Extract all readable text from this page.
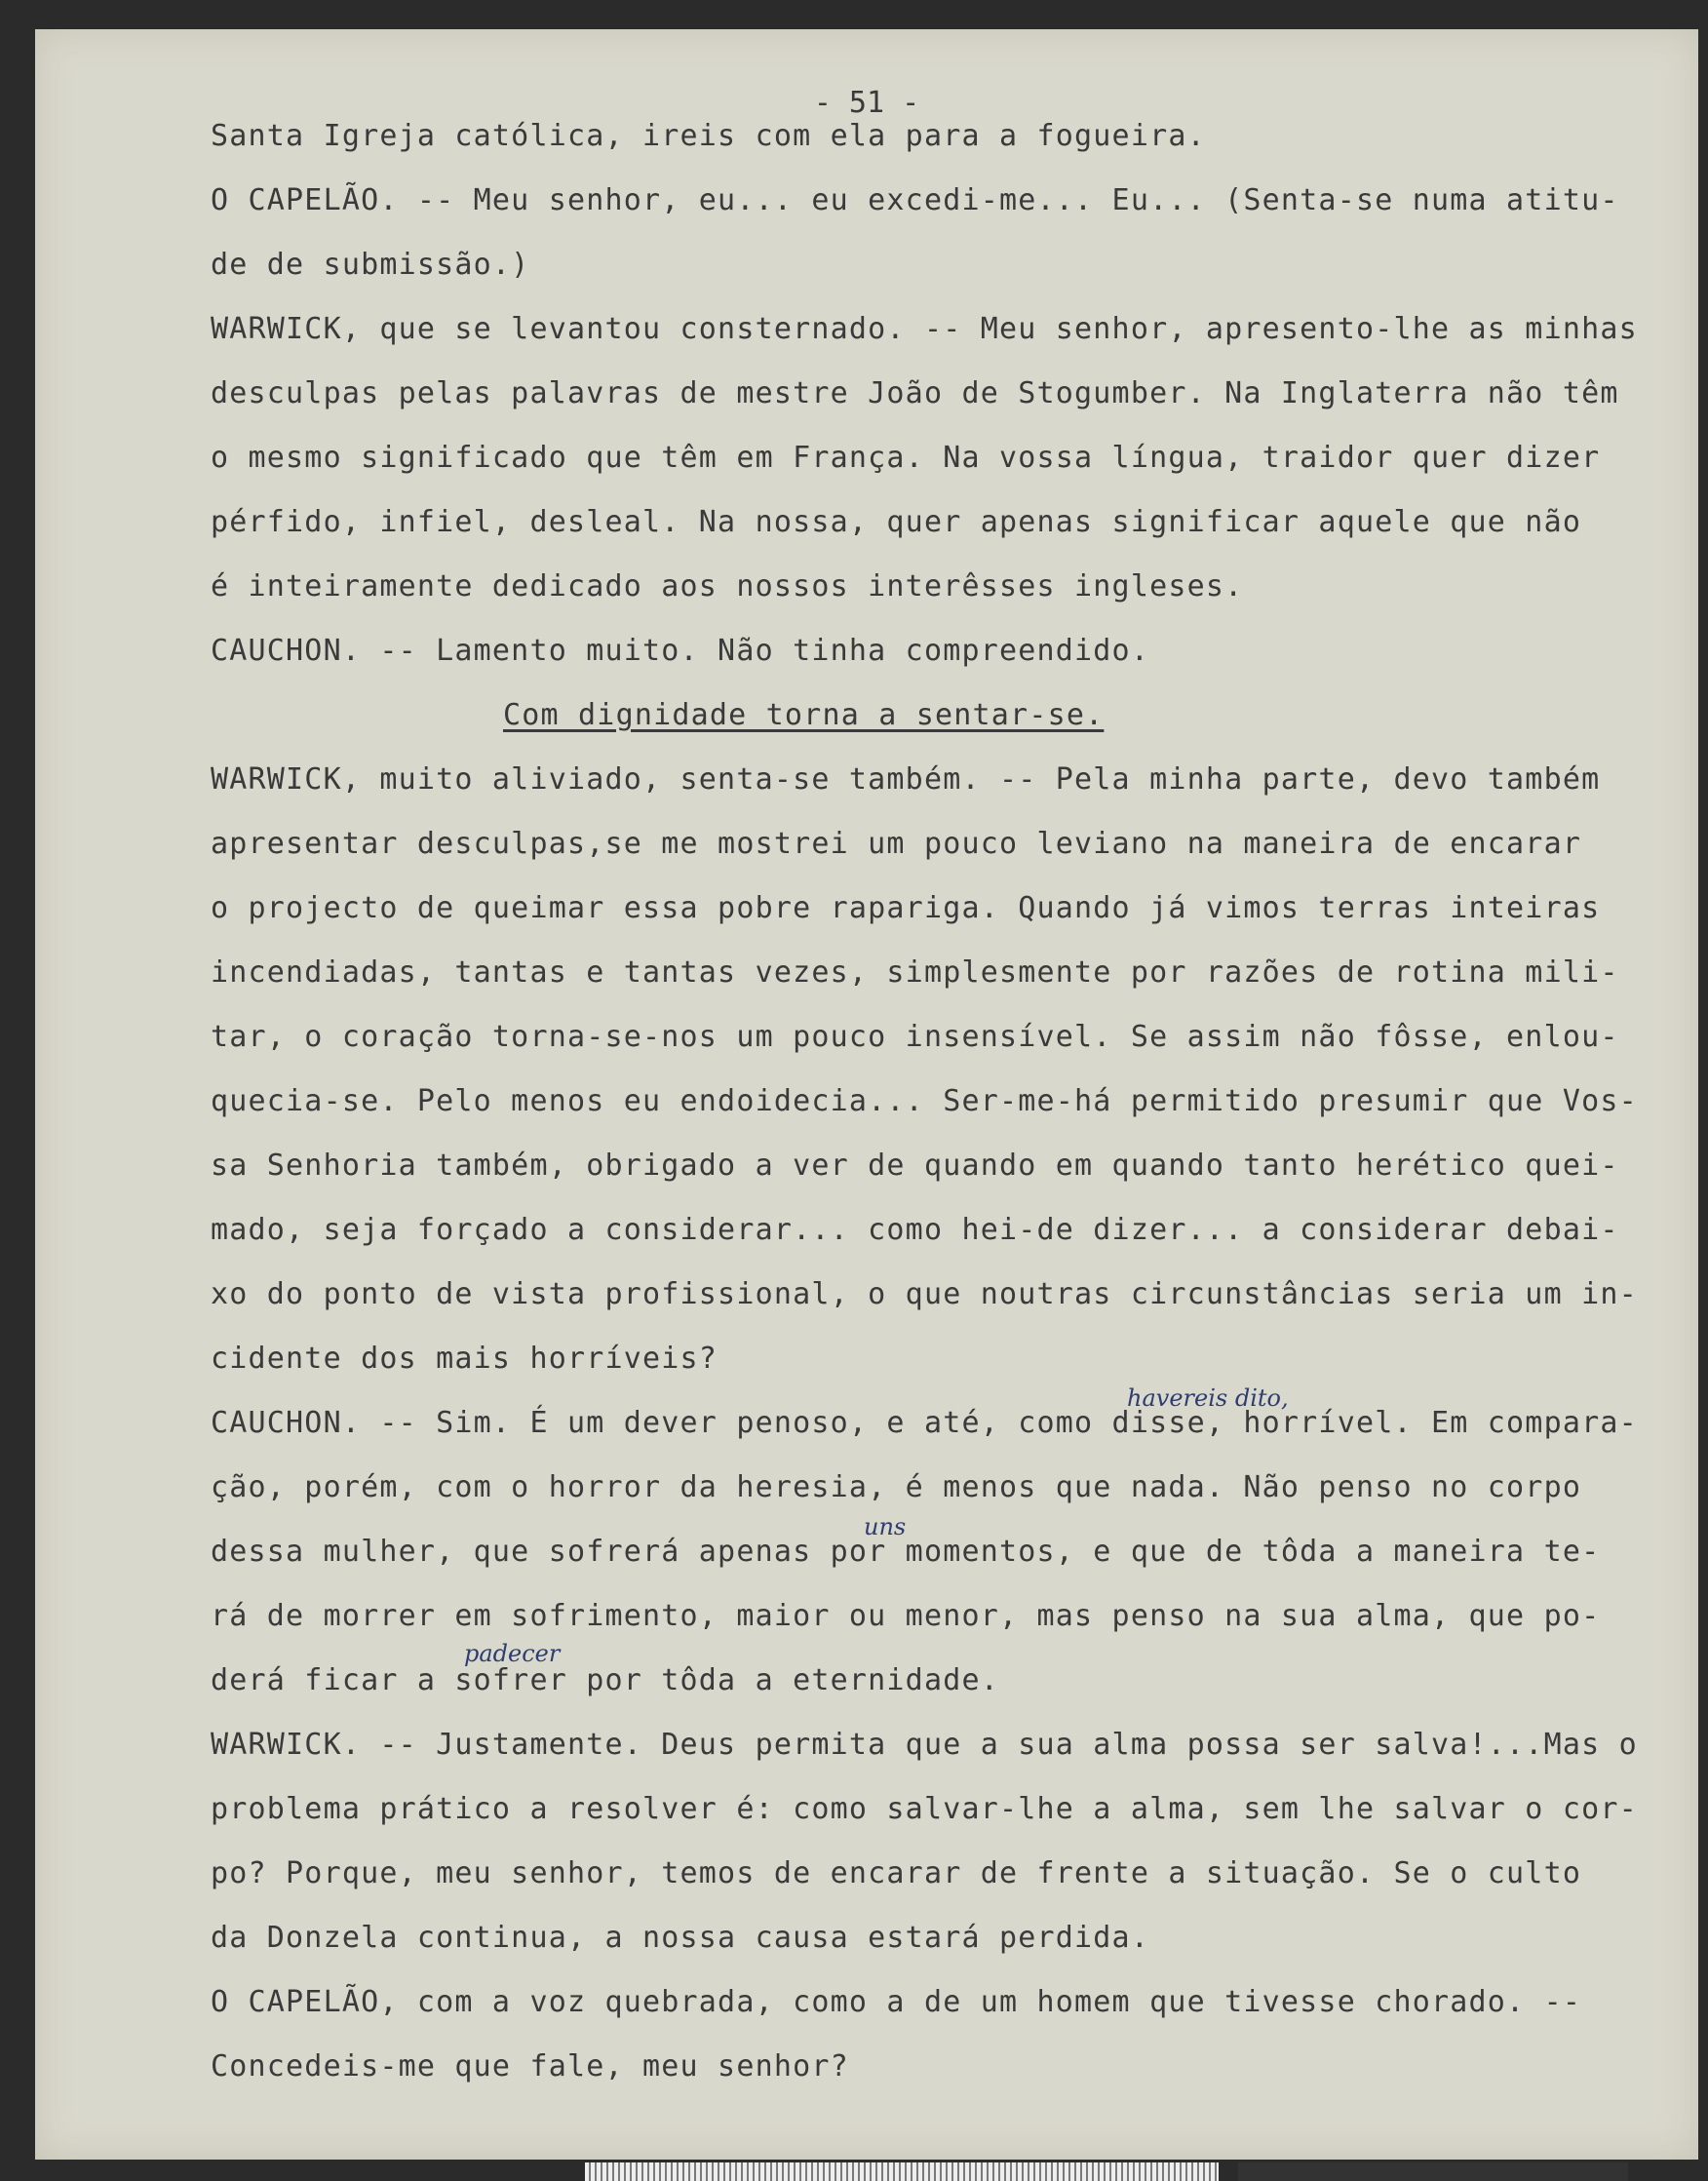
- 51 -

Santa Igreja católica, ireis com ela para a fogueira.

O CAPELÃO. -- Meu senhor, eu... eu excedi-me... Eu... (Senta-se numa atitu-

de de submissão.)

WARWICK, que se levantou consternado. -- Meu senhor, apresento-lhe as minhas

desculpas pelas palavras de mestre João de Stogumber. Na Inglaterra não têm

o mesmo significado que têm em França. Na vossa língua, traidor quer dizer

pérfido, infiel, desleal. Na nossa, quer apenas significar aquele que não

é inteiramente dedicado aos nossos interêsses ingleses.

CAUCHON. -- Lamento muito. Não tinha compreendido.

Com dignidade torna a sentar-se.

WARWICK, muito aliviado, senta-se também. -- Pela minha parte, devo também

apresentar desculpas,se me mostrei um pouco leviano na maneira de encarar

o projecto de queimar essa pobre rapariga. Quando já vimos terras inteiras

incendiadas, tantas e tantas vezes, simplesmente por razões de rotina mili-

tar, o coração torna-se-nos um pouco insensível. Se assim não fôsse, enlou-

quecia-se. Pelo menos eu endoidecia... Ser-me-há permitido presumir que Vos-

sa Senhoria também, obrigado a ver de quando em quando tanto herético quei-

mado, seja forçado a considerar... como hei-de dizer... a considerar debai-

xo do ponto de vista profissional, o que noutras circunstâncias seria um in-

cidente dos mais horríveis?

CAUCHON. -- Sim. É um dever penoso, e até, como disse, horrível. Em compara-

ção, porém, com o horror da heresia, é menos que nada. Não penso no corpo

dessa mulher, que sofrerá apenas por momentos, e que de tôda a maneira te-

rá de morrer em sofrimento, maior ou menor, mas penso na sua alma, que po-

derá ficar a sofrer por tôda a eternidade.

WARWICK. -- Justamente. Deus permita que a sua alma possa ser salva!...Mas o

problema prático a resolver é: como salvar-lhe a alma, sem lhe salvar o cor-

po? Porque, meu senhor, temos de encarar de frente a situação. Se o culto

da Donzela continua, a nossa causa estará perdida.

O CAPELÃO, com a voz quebrada, como a de um homem que tivesse chorado. --

Concedeis-me que fale, meu senhor?

havereis dito,
uns
padecer
